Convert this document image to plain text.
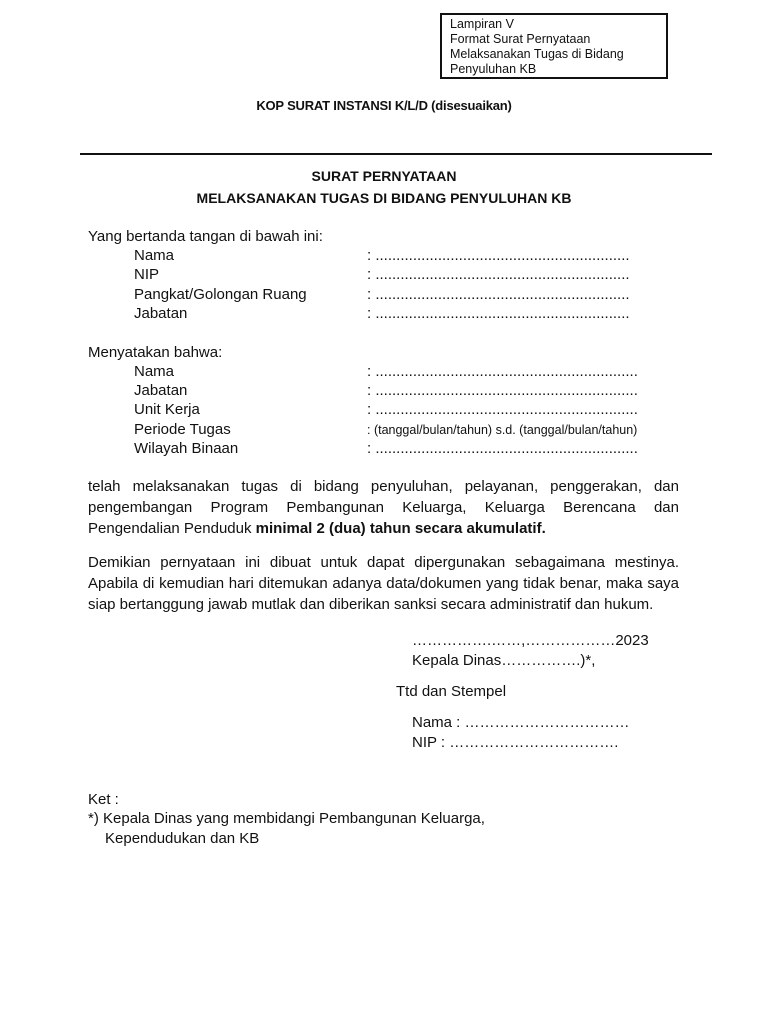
Lampiran V
Format Surat Pernyataan
Melaksanakan Tugas di Bidang
Penyuluhan KB
KOP SURAT INSTANSI K/L/D (disesuaikan)
SURAT PERNYATAAN
MELAKSANAKAN TUGAS DI BIDANG PENYULUHAN KB
Yang bertanda tangan di bawah ini:
Nama	: .............................................................
NIP	: .............................................................
Pangkat/Golongan Ruang	: .............................................................
Jabatan	: .............................................................
Menyatakan bahwa:
Nama	: ...............................................................
Jabatan	: ...............................................................
Unit Kerja	: ...............................................................
Periode Tugas	: (tanggal/bulan/tahun) s.d. (tanggal/bulan/tahun)
Wilayah Binaan	: ...............................................................
telah melaksanakan tugas di bidang penyuluhan, pelayanan, penggerakan, dan pengembangan Program Pembangunan Keluarga, Keluarga Berencana dan Pengendalian Penduduk minimal 2 (dua) tahun secara akumulatif.
Demikian pernyataan ini dibuat untuk dapat dipergunakan sebagaimana mestinya. Apabila di kemudian hari ditemukan adanya data/dokumen yang tidak benar, maka saya siap bertanggung jawab mutlak dan diberikan sanksi secara administratif dan hukum.
…………….……,………………2023
Kepala Dinas…………….)*,
Ttd dan Stempel
Nama : ……………………………
NIP : …………………………….
Ket :
*) Kepala Dinas yang membidangi Pembangunan Keluarga,
Kependudukan dan KB
